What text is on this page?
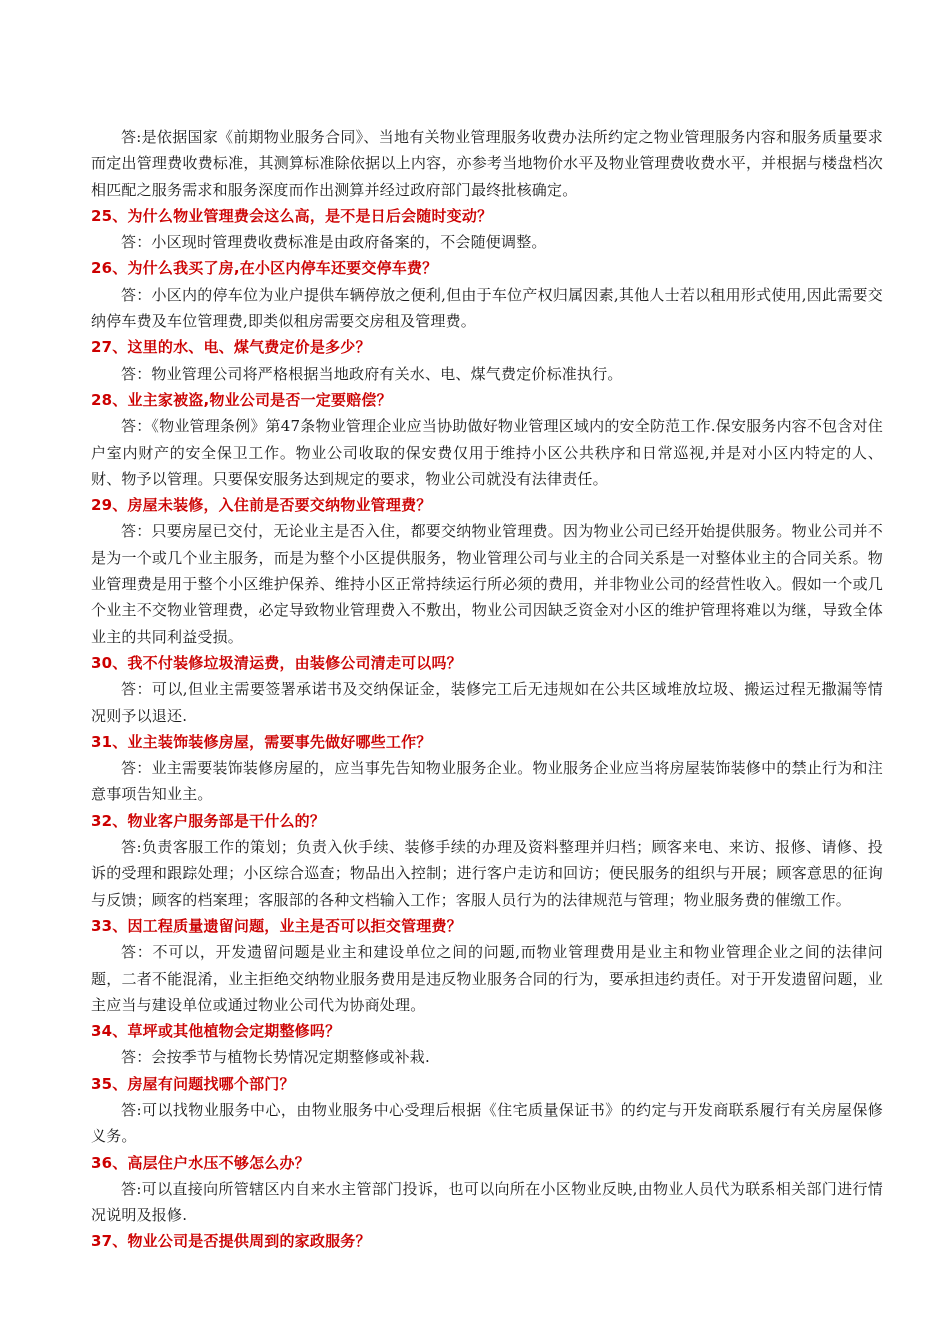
答:是依据国家《前期物业服务合同》、当地有关物业管理服务收费办法所约定之物业管理服务内容和服务质量要求而定出管理费收费标准，其测算标准除依据以上内容，亦参考当地物价水平及物业管理费收费水平，并根据与楼盘档次相匹配之服务需求和服务深度而作出测算并经过政府部门最终批核确定。

25、为什么物业管理费会这么高，是不是日后会随时变动？

答：小区现时管理费收费标准是由政府备案的，不会随便调整。

26、为什么我买了房,在小区内停车还要交停车费？

答：小区内的停车位为业户提供车辆停放之便利,但由于车位产权归属因素,其他人士若以租用形式使用,因此需要交纳停车费及车位管理费,即类似租房需要交房租及管理费。

27、这里的水、电、煤气费定价是多少？

答：物业管理公司将严格根据当地政府有关水、电、煤气费定价标准执行。

28、业主家被盗,物业公司是否一定要赔偿？

答：《物业管理条例》第47条物业管理企业应当协助做好物业管理区域内的安全防范工作.保安服务内容不包含对住户室内财产的安全保卫工作。物业公司收取的保安费仅用于维持小区公共秩序和日常巡视,并是对小区内特定的人、财、物予以管理。只要保安服务达到规定的要求，物业公司就没有法律责任。

29、房屋未装修，入住前是否要交纳物业管理费？

答：只要房屋已交付，无论业主是否入住，都要交纳物业管理费。因为物业公司已经开始提供服务。物业公司并不是为一个或几个业主服务，而是为整个小区提供服务，物业管理公司与业主的合同关系是一对整体业主的合同关系。物业管理费是用于整个小区维护保养、维持小区正常持续运行所必须的费用，并非物业公司的经营性收入。假如一个或几个业主不交物业管理费，必定导致物业管理费入不敷出，物业公司因缺乏资金对小区的维护管理将难以为继，导致全体业主的共同利益受损。

30、我不付装修垃圾清运费，由装修公司清走可以吗？

答：可以,但业主需要签署承诺书及交纳保证金，装修完工后无违规如在公共区域堆放垃圾、搬运过程无撒漏等情况则予以退还.

31、业主装饰装修房屋，需要事先做好哪些工作？

答：业主需要装饰装修房屋的，应当事先告知物业服务企业。物业服务企业应当将房屋装饰装修中的禁止行为和注意事项告知业主。

32、物业客户服务部是干什么的？

答:负责客服工作的策划；负责入伙手续、装修手续的办理及资料整理并归档；顾客来电、来访、报修、请修、投诉的受理和跟踪处理；小区综合巡查；物品出入控制；进行客户走访和回访；便民服务的组织与开展；顾客意思的征询与反馈；顾客的档案理；客服部的各种文档输入工作；客服人员行为的法律规范与管理；物业服务费的催缴工作。

33、因工程质量遗留问题，业主是否可以拒交管理费？

答：不可以，开发遗留问题是业主和建设单位之间的问题,而物业管理费用是业主和物业管理企业之间的法律问题，二者不能混淆，业主拒绝交纳物业服务费用是违反物业服务合同的行为，要承担违约责任。对于开发遗留问题，业主应当与建设单位或通过物业公司代为协商处理。

34、草坪或其他植物会定期整修吗？

答：会按季节与植物长势情况定期整修或补栽.

35、房屋有问题找哪个部门？

答:可以找物业服务中心，由物业服务中心受理后根据《住宅质量保证书》的约定与开发商联系履行有关房屋保修义务。

36、高层住户水压不够怎么办？

答:可以直接向所管辖区内自来水主管部门投诉，也可以向所在小区物业反映,由物业人员代为联系相关部门进行情况说明及报修.

37、物业公司是否提供周到的家政服务？
